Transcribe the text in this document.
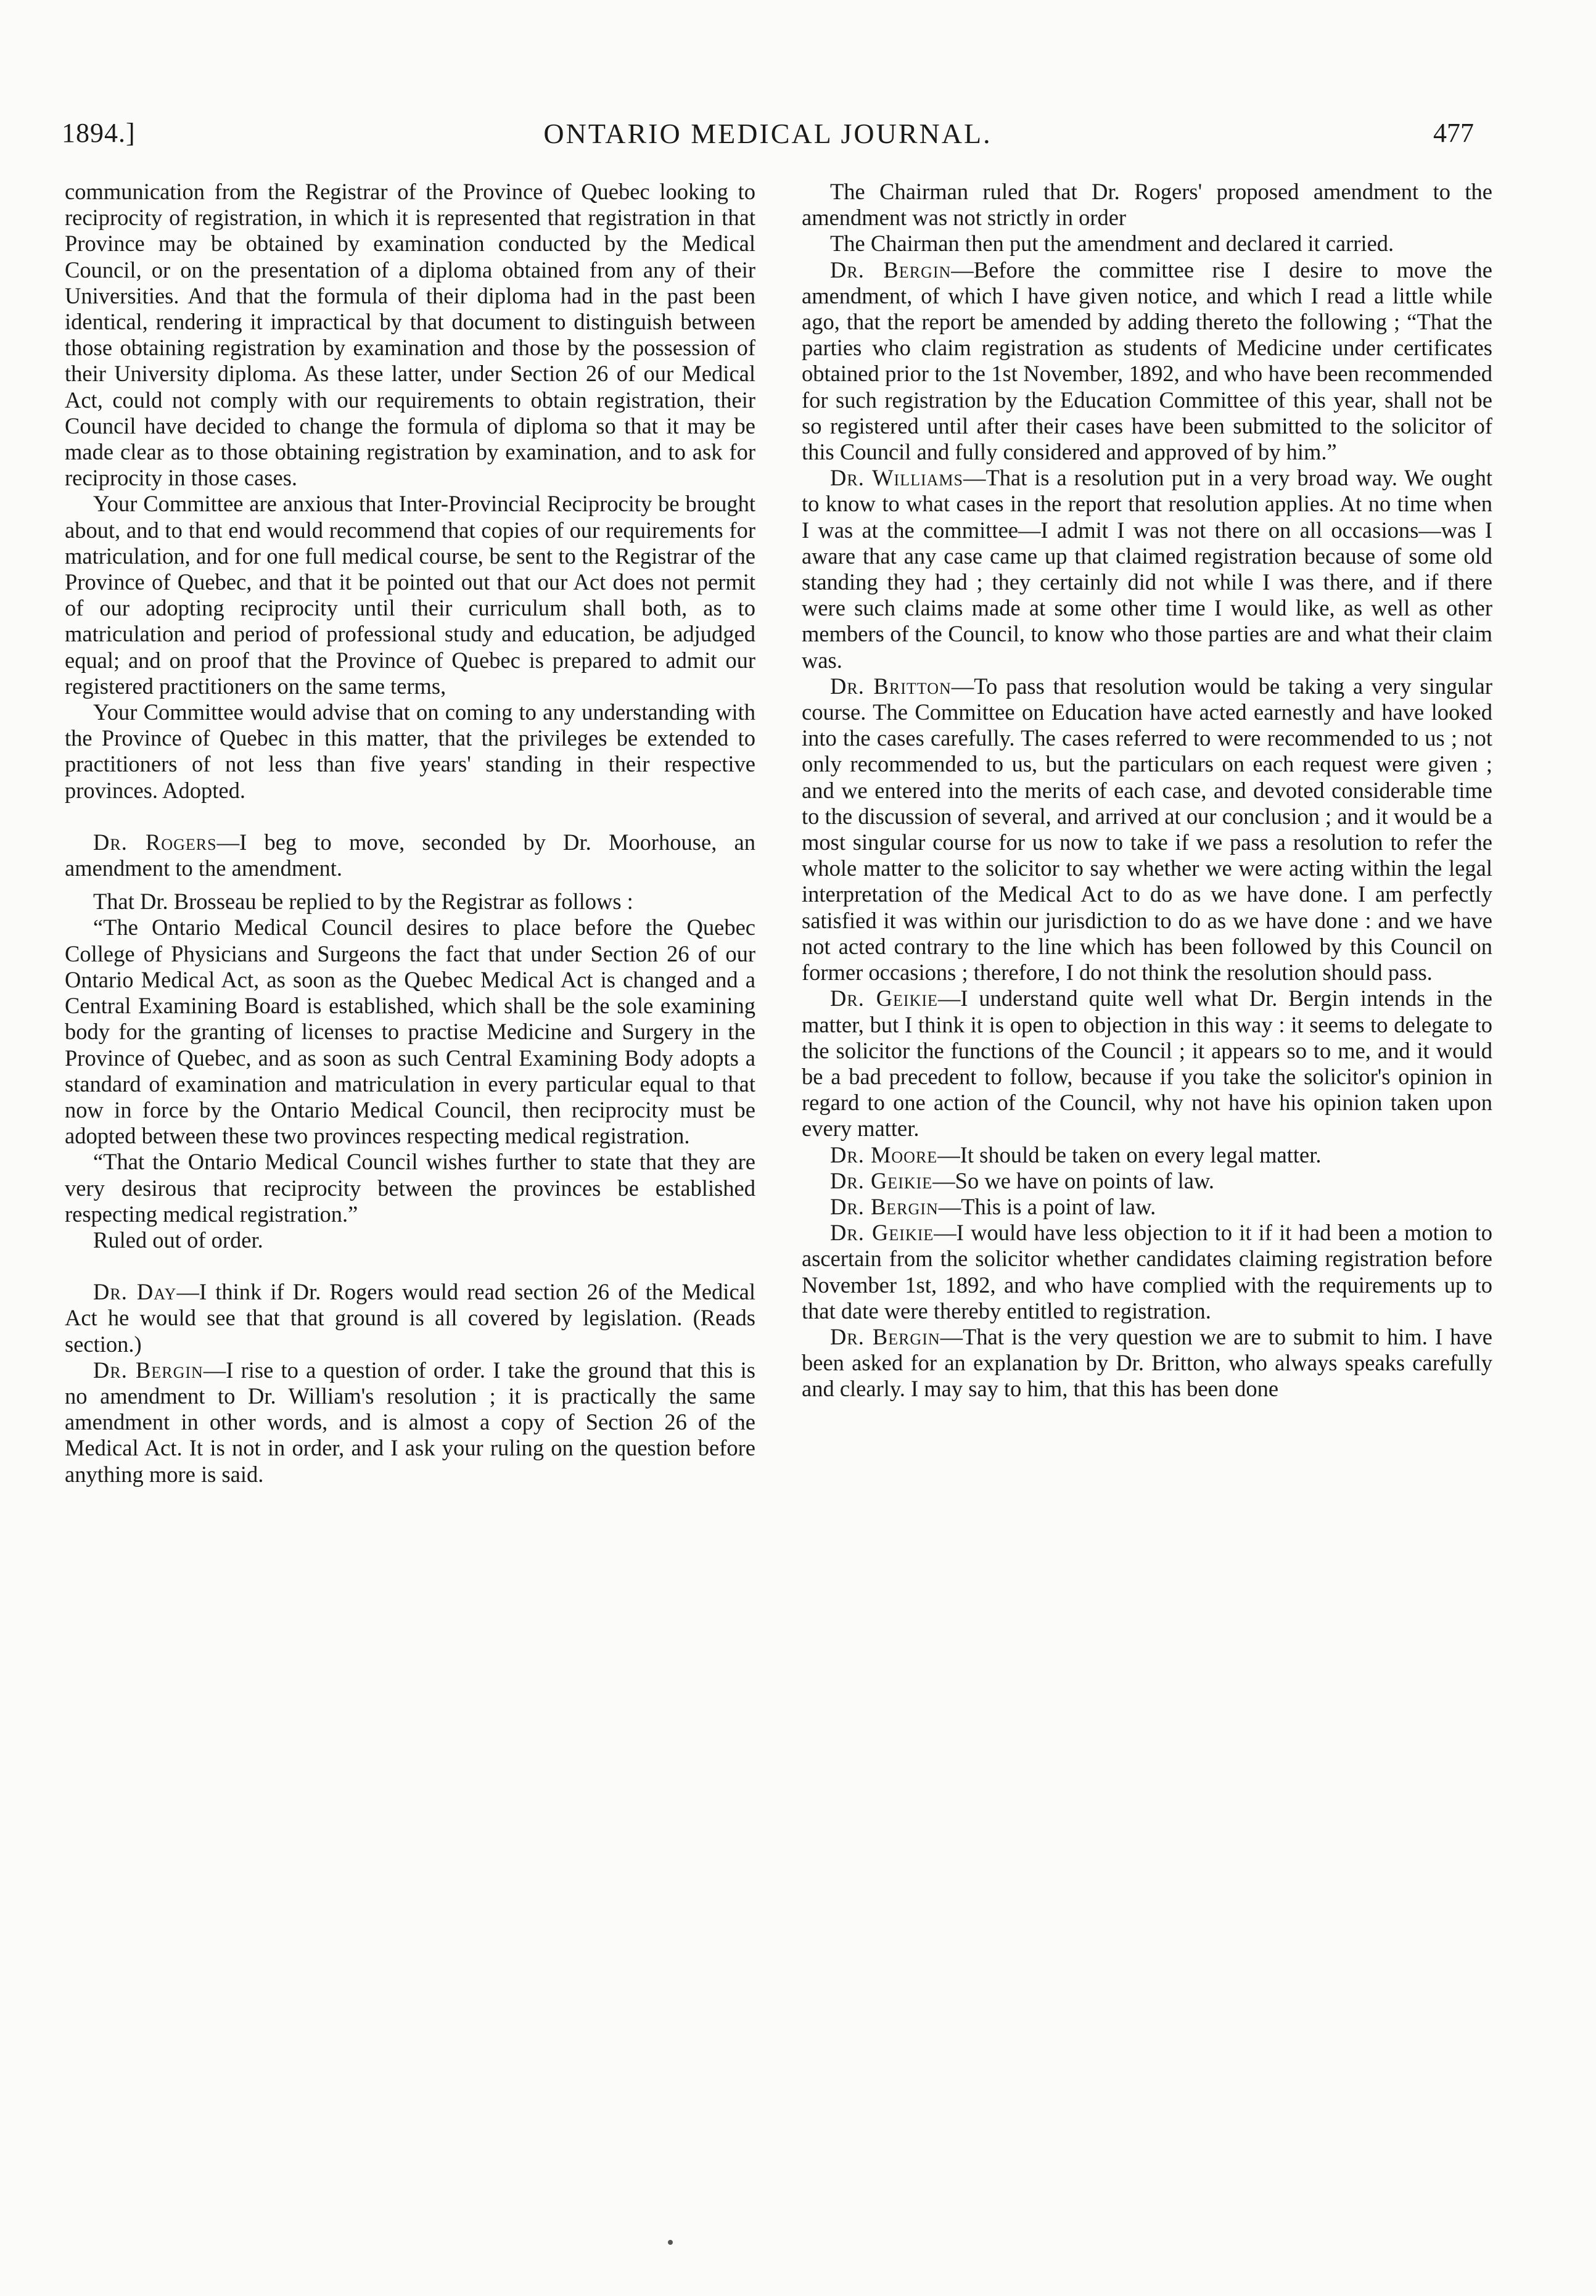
1894.]	ONTARIO MEDICAL JOURNAL.	477

communication from the Registrar of the Province of Quebec looking to reciprocity of registration, in which it is represented that registration in that Province may be obtained by examination conducted by the Medical Council, or on the presentation of a diploma obtained from any of their Universities. And that the formula of their diploma had in the past been identical, rendering it impractical by that document to distinguish between those obtaining registration by examination and those by the possession of their University diploma. As these latter, under Section 26 of our Medical Act, could not comply with our requirements to obtain registration, their Council have decided to change the formula of diploma so that it may be made clear as to those obtaining registration by examination, and to ask for reciprocity in those cases.

Your Committee are anxious that Inter-Provincial Reciprocity be brought about, and to that end would recommend that copies of our requirements for matriculation, and for one full medical course, be sent to the Registrar of the Province of Quebec, and that it be pointed out that our Act does not permit of our adopting reciprocity until their curriculum shall both, as to matriculation and period of professional study and education, be adjudged equal; and on proof that the Province of Quebec is prepared to admit our registered practitioners on the same terms,

Your Committee would advise that on coming to any understanding with the Province of Quebec in this matter, that the privileges be extended to practitioners of not less than five years' standing in their respective provinces. Adopted.

Dr. Rogers—I beg to move, seconded by Dr. Moorhouse, an amendment to the amendment.

That Dr. Brosseau be replied to by the Registrar as follows :

“The Ontario Medical Council desires to place before the Quebec College of Physicians and Surgeons the fact that under Section 26 of our Ontario Medical Act, as soon as the Quebec Medical Act is changed and a Central Examining Board is established, which shall be the sole examining body for the granting of licenses to practise Medicine and Surgery in the Province of Quebec, and as soon as such Central Examining Body adopts a standard of examination and matriculation in every particular equal to that now in force by the Ontario Medical Council, then reciprocity must be adopted between these two provinces respecting medical registration.

“That the Ontario Medical Council wishes further to state that they are very desirous that reciprocity between the provinces be established respecting medical registration.”

Ruled out of order.

Dr. Day—I think if Dr. Rogers would read section 26 of the Medical Act he would see that that ground is all covered by legislation. (Reads section.)

Dr. Bergin—I rise to a question of order. I take the ground that this is no amendment to Dr. William's resolution ; it is practically the same amendment in other words, and is almost a copy of Section 26 of the Medical Act. It is not in order, and I ask your ruling on the question before anything more is said.

The Chairman ruled that Dr. Rogers' proposed amendment to the amendment was not strictly in order

The Chairman then put the amendment and declared it carried.

Dr. Bergin—Before the committee rise I desire to move the amendment, of which I have given notice, and which I read a little while ago, that the report be amended by adding thereto the following ; “That the parties who claim registration as students of Medicine under certificates obtained prior to the 1st November, 1892, and who have been recommended for such registration by the Education Committee of this year, shall not be so registered until after their cases have been submitted to the solicitor of this Council and fully considered and approved of by him.”

Dr. Williams—That is a resolution put in a very broad way. We ought to know to what cases in the report that resolution applies. At no time when I was at the committee—I admit I was not there on all occasions—was I aware that any case came up that claimed registration because of some old standing they had ; they certainly did not while I was there, and if there were such claims made at some other time I would like, as well as other members of the Council, to know who those parties are and what their claim was.

Dr. Britton—To pass that resolution would be taking a very singular course. The Committee on Education have acted earnestly and have looked into the cases carefully. The cases referred to were recommended to us ; not only recommended to us, but the particulars on each request were given ; and we entered into the merits of each case, and devoted considerable time to the discussion of several, and arrived at our conclusion ; and it would be a most singular course for us now to take if we pass a resolution to refer the whole matter to the solicitor to say whether we were acting within the legal interpretation of the Medical Act to do as we have done. I am perfectly satisfied it was within our jurisdiction to do as we have done : and we have not acted contrary to the line which has been followed by this Council on former occasions ; therefore, I do not think the resolution should pass.

Dr. Geikie—I understand quite well what Dr. Bergin intends in the matter, but I think it is open to objection in this way : it seems to delegate to the solicitor the functions of the Council ; it appears so to me, and it would be a bad precedent to follow, because if you take the solicitor's opinion in regard to one action of the Council, why not have his opinion taken upon every matter.

Dr. Moore—It should be taken on every legal matter.

Dr. Geikie—So we have on points of law.

Dr. Bergin—This is a point of law.

Dr. Geikie—I would have less objection to it if it had been a motion to ascertain from the solicitor whether candidates claiming registration before November 1st, 1892, and who have complied with the requirements up to that date were thereby entitled to registration.

Dr. Bergin—That is the very question we are to submit to him. I have been asked for an explanation by Dr. Britton, who always speaks carefully and clearly. I may say to him, that this has been done
